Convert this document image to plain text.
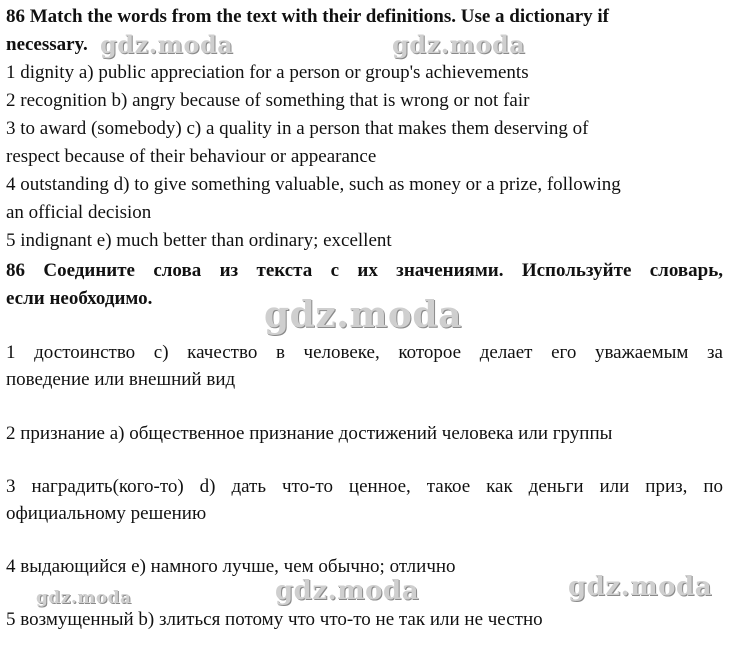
86 Match the words from the text with their definitions. Use a dictionary if
necessary.
1 dignity a) public appreciation for a person or group's achievements
2 recognition b) angry because of something that is wrong or not fair
3 to award (somebody) c) a quality in a person that makes them deserving of
respect because of their behaviour or appearance
4 outstanding d) to give something valuable, such as money or a prize, following
an official decision
5 indignant e) much better than ordinary; excellent
86 Соедините слова из текста с их значениями. Используйте словарь,
если необходимо.
1 достоинство c) качество в человеке, которое делает его уважаемым за
поведение или внешний вид
2 признание a) общественное признание достижений человека или группы
3 наградить(кого-то) d) дать что-то ценное, такое как деньги или приз, по
официальному решению
4 выдающийся e) намного лучше, чем обычно; отлично
5 возмущенный b) злиться потому что что-то не так или не честно
gdz.moda	gdz.moda
gdz.moda
gdz.moda	gdz.moda	gdz.moda
